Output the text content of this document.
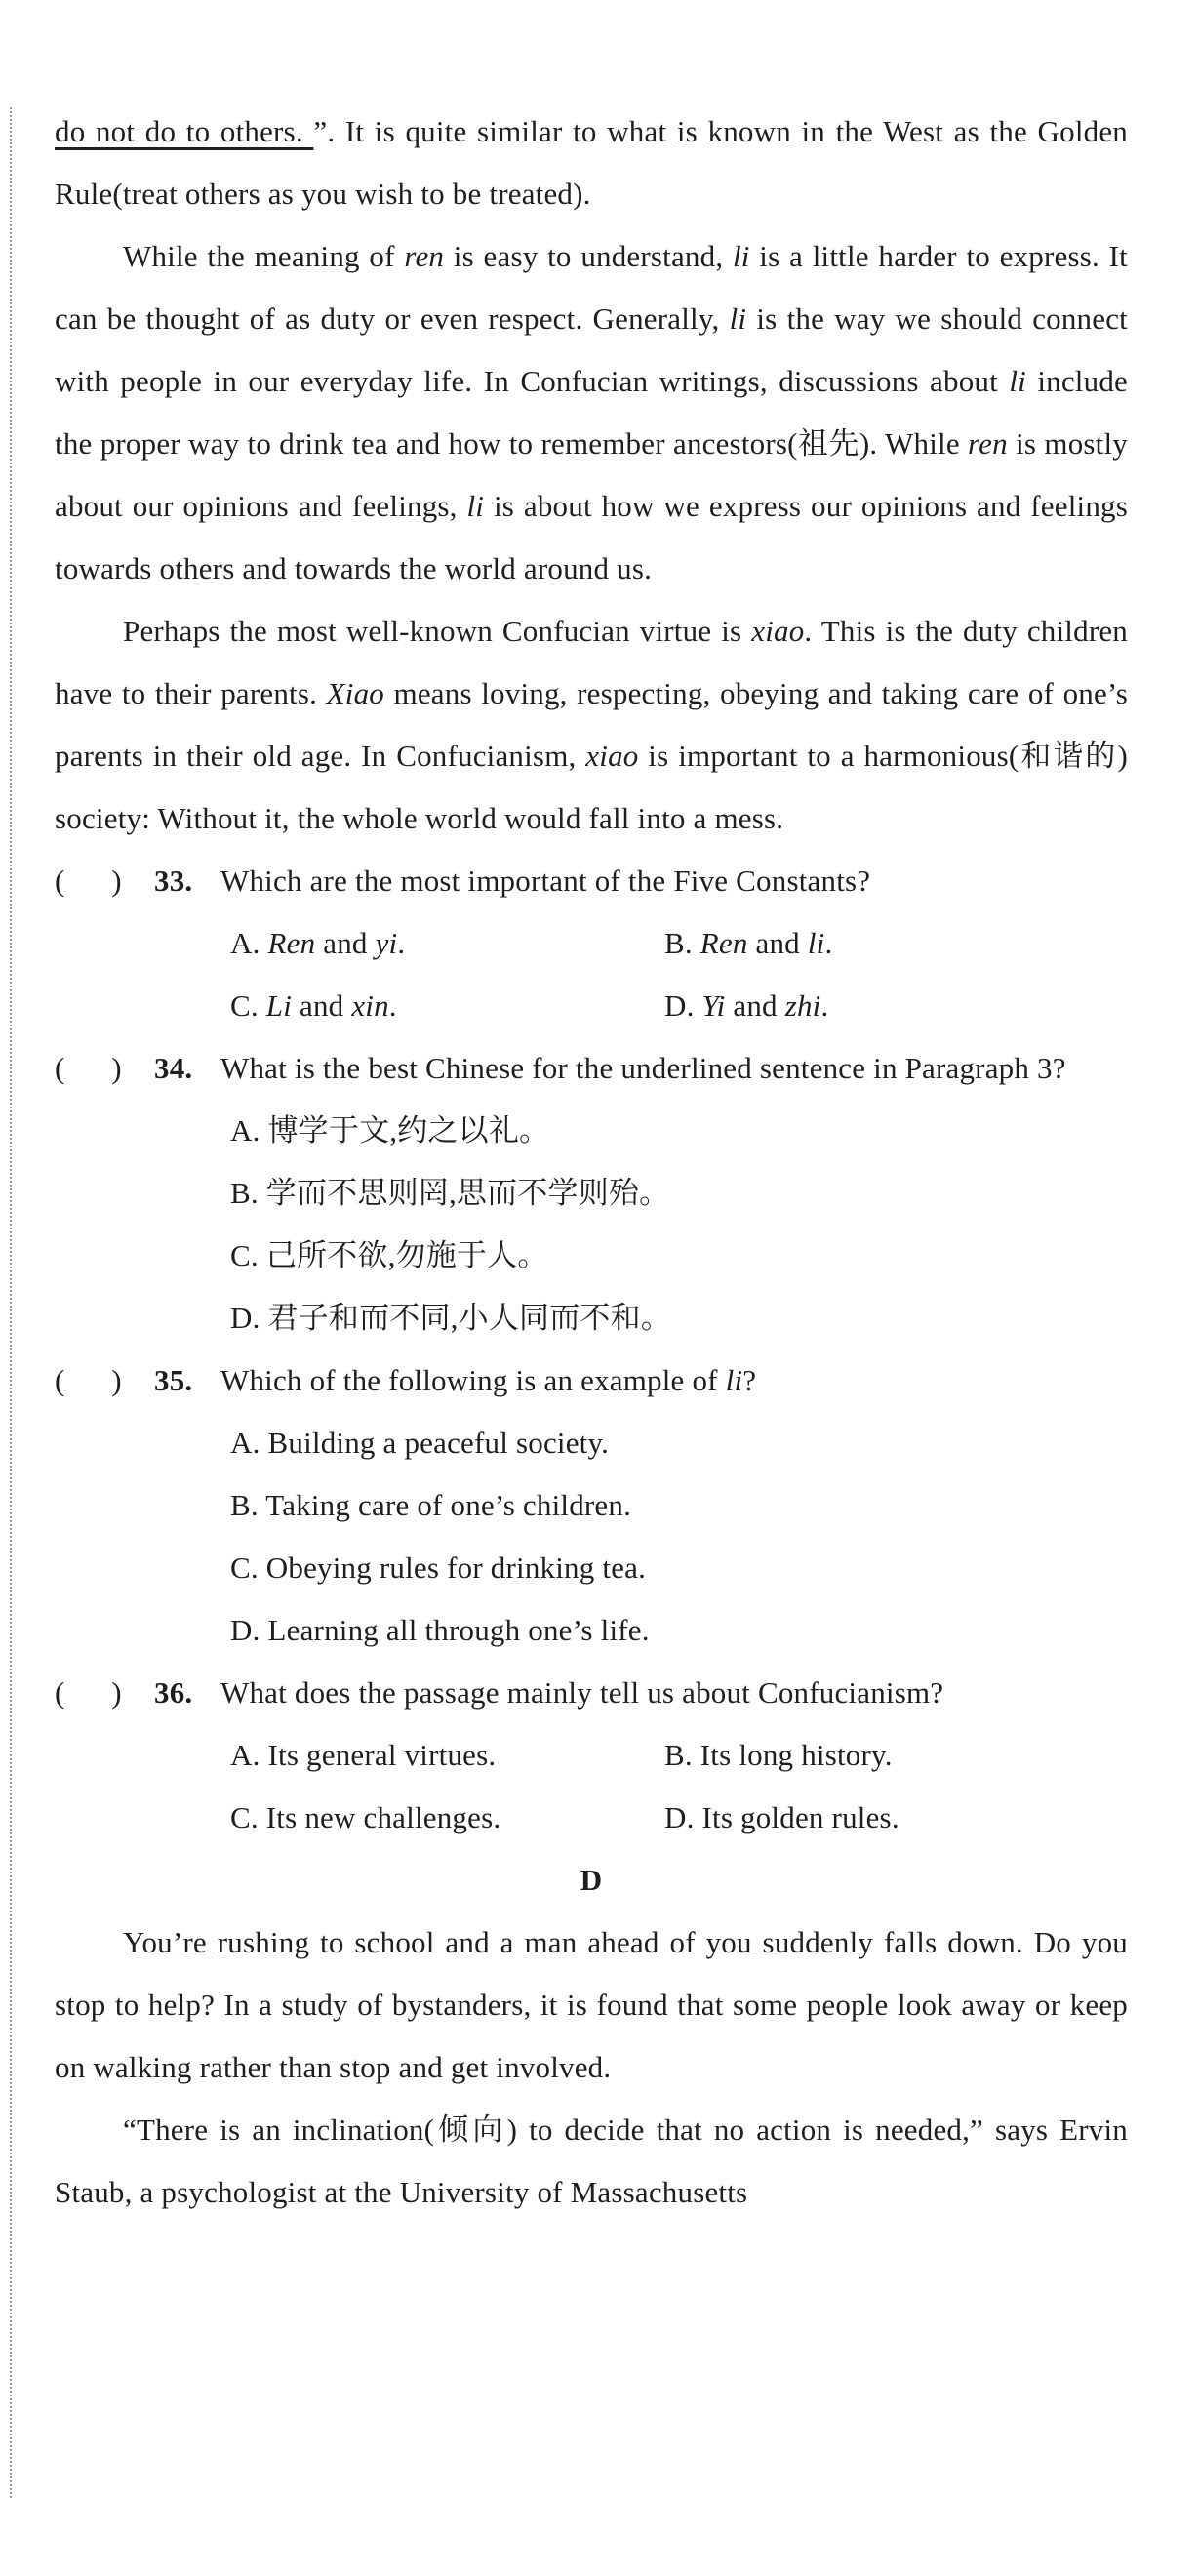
do not do to others. ”. It is quite similar to what is known in the West as the Golden Rule(treat others as you wish to be treated).

While the meaning of ren is easy to understand, li is a little harder to express. It can be thought of as duty or even respect. Generally, li is the way we should connect with people in our everyday life. In Confucian writings, discussions about li include the proper way to drink tea and how to remember ancestors(祖先). While ren is mostly about our opinions and feelings, li is about how we express our opinions and feelings towards others and towards the world around us.

Perhaps the most well-known Confucian virtue is xiao. This is the duty children have to their parents. Xiao means loving, respecting, obeying and taking care of one’s parents in their old age. In Confucianism, xiao is important to a harmonious(和谐的) society: Without it, the whole world would fall into a mess.

(      )	33. Which are the most important of the Five Constants?
A. Ren and yi.	B. Ren and li.
C. Li and xin.	D. Yi and zhi.
(      )	34. What is the best Chinese for the underlined sentence in Paragraph 3?
A. 博学于文,约之以礼。
B. 学而不思则罔,思而不学则殆。
C. 己所不欲,勿施于人。
D. 君子和而不同,小人同而不和。
(      )	35. Which of the following is an example of li?
A. Building a peaceful society.
B. Taking care of one’s children.
C. Obeying rules for drinking tea.
D. Learning all through one’s life.
(      )	36. What does the passage mainly tell us about Confucianism?
A. Its general virtues.	B. Its long history.
C. Its new challenges.	D. Its golden rules.

D

You’re rushing to school and a man ahead of you suddenly falls down. Do you stop to help? In a study of bystanders, it is found that some people look away or keep on walking rather than stop and get involved.

“There is an inclination(倾向) to decide that no action is needed,” says Ervin Staub, a psychologist at the University of Massachusetts
